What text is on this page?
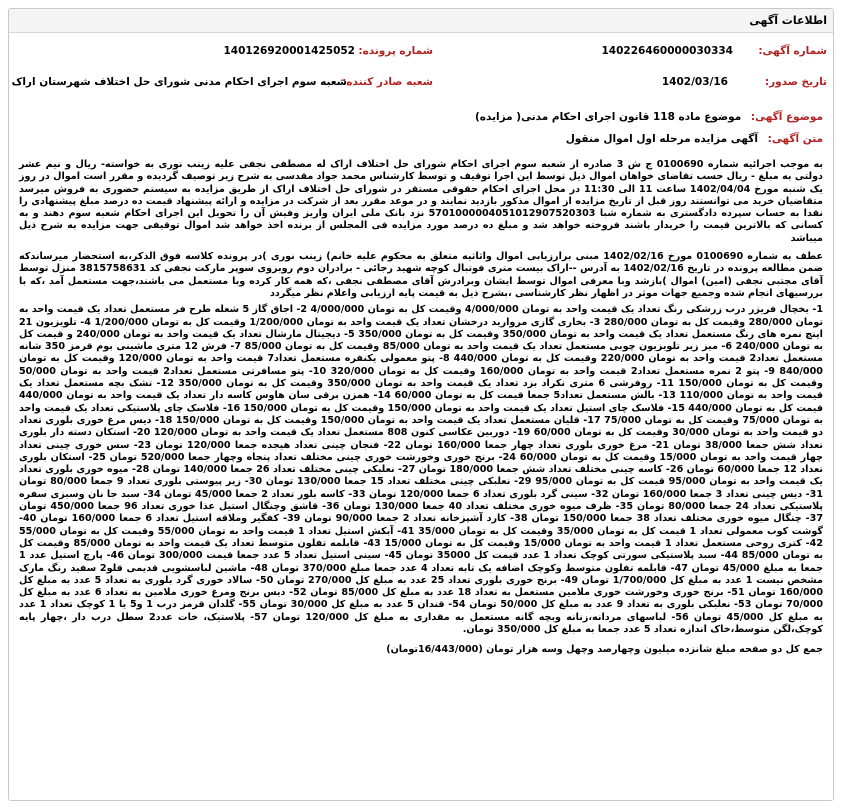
اطلاعات آگهی
شماره آگهی:
140226460000030334
شماره پرونده:
140126920001425052
تاریخ صدور:
1402/03/16
شعبه صادر کننده:
شعبه سوم اجرای احکام مدنی شورای حل اختلاف شهرستان اراک
موضوع آگهی: موضوع ماده 118 قانون اجرای احکام مدنی( مزایده)
متن آگهی: آگهی مزایده مرحله اول اموال منقول

به موجب اجرائیه شماره 0100690 ج ش 3 صادره از شعبه سوم اجرای احکام شورای حل اختلاف اراک له مصطفی نجفی علیه زینب نوری به خواسته- ریال و نیم عشر دولتی به مبلغ - ریال حسب تقاضای خواهان اموال ذیل توسط این اجرا توقیف و توسط کارشناس محمد جواد مقدسی به شرح زیر توصیف گردیده و مقرر است اموال در روز یک شنبه مورخ 1402/04/04 ساعت 11 الی 11:30 در محل اجرای احکام حقوقی مستقر در شورای حل اختلاف اراک از طریق مزایده به سیستم حضوری به فروش میرسد متقاضیان خرید می توانستند روز قبل از تاریخ مزایده از اموال مذکور بازدید نمایند و در موعد مقرر بعد از شرکت در مزایده و ارائه پیشنهاد قیمت ده درصد مبلغ پیشنهادی را نقدا به حساب سپرده دادگستری به شماره شبا 5701000004051012907520303 نزد بانک ملی ایران واریز وفیش آن را تحویل این اجرای احکام شعبه سوم دهند و به کسانی که بالاترین قیمت را خریدار باشند فروخته خواهد شد و مبلغ ده درصد مورد مزایده فی المجلس از برنده اخذ خواهد شد اموال توقیفی جهت مزایده به شرح ذیل میباشد

عطف به شماره 0100690 مورخ 1402/02/16 مبنی برارزیابی اموال واثاثیه متعلق به محکوم علیه خانم) زینب نوری )در پرونده کلاسه فوق الذکر،به استحضار میرساندکه ضمن مطالعه پرونده در تاریخ 1402/02/16 به آدرس --اراک بیست متری فوتبال کوچه شهید رجائی - برادران دوم روبروی سوپر مارکت نجفی کد 3815758631 منزل توسط آقای مجتبی نجفی (امین) اموال )بازشد وبا معرفی اموال توسط ایشان وبرادرش آقای مصطفی نجفی ،که همه کار کرده وبا مستعمل می باشند،جهت مستعمل آمد ،که با بررسیهای انجام شده وجمیع جهات موثر در اظهار نظر کارشناسی ،بشرح ذیل به قیمت پایه ارزیابی واعلام نظر میگردد

1- یخچال فریزر درب زرشکی رنگ تعداد یک قیمت واحد به تومان 4/000/000 وقیمت کل به تومان 4/000/000 2- اجاق گاز 5 شعله طرح فر مستعمل تعداد یک قیمت واحد به تومان 280/000 وقیمت کل به تومان 280/000 3- بخاری گازی مروارید درخشان تعداد یک قیمت واحد به تومان 1/200/000 وقیمت کل به تومان 1/200/000 4- تلویزیون 21 اینچ نمره های رنگ مستعمل تعداد یک قیمت واحد به تومان 350/000 وقیمت کل به تومان 350/000 5- دیجیتال مارشال تعداد یک قیمت واحد به تومان 240/000 و قیمت کل به تومان 240/000 6- میز زیر تلویزیون چوبی مستعمل تعداد یک قیمت واحد به تومان 85/000 وقیمت کل به تومان 85/000 7- فرش 12 متری ماشینی بوم قرمز 350 شانه مستعمل تعداد2 قیمت واحد به تومان 220/000 وقیمت کل به تومان 440/000 8- پتو معمولی یکنفره مستعمل تعداد7 قیمت واحد به تومان 120/000 وقیمت کل به تومان 840/000 9- پتو 2 نمره مستعمل تعداد2 قیمت واحد به تومان 160/000 وقیمت کل به تومان 320/000 10- پتو مسافرتی مستعمل تعداد2 قیمت واحد به تومان 50/000 وقیمت کل به تومان 150/000 11- روفرشی 6 متری نکراد بزد تعداد یک قیمت واحد به تومان 350/000 وقیمت کل به تومان 350/000 12- تشک بچه مستعمل تعداد یک قیمت واحد به تومان 110/000 13- بالش مستعمل تعداد5 جمعا قیمت کل به تومان 60/000 14- همزن برقی سان هاوس کاسه دار تعداد یک قیمت واحد به تومان 440/000 قیمت کل به تومان 440/000 15- فلاسک چای استیل تعداد یک قیمت واحد به تومان 150/000 وقیمت کل به تومان 150/000 16- فلاسک چای پلاستیکی تعداد یک قیمت واحد به تومان 75/000 وقیمت کل به تومان 75/000 17- قلیان مستعمل تعداد یک قیمت واحد به تومان 150/000 وقیمت کل به تومان 150/000 18- دیس مرغ خوری بلوری تعداد دو قیمت واحد به تومان 30/000 وقیمت کل به تومان 60/000 19- دوربین عکاسی کنون 808 مستعمل تعداد یک قیمت واحد به تومان 120/000 20- استکان دسته دار بلوری تعداد شش جمعا 38/000 تومان 21- مرغ خوری بلوری تعداد چهار جمعا 160/000 تومان 22- فنجان چینی تعداد هیجده جمعا 120/000 تومان 23- سس خوری چینی تعداد چهار قیمت واحد به تومان 15/000 وقیمت کل به تومان 60/000 24- برنج خوری وخورشت خوری چینی مختلف تعداد پنجاه وچهار جمعا 520/000 تومان 25- استکان بلوری تعداد 12 جمعا 60/000 تومان 26- کاسه چینی مختلف تعداد شش جمعا 180/000 تومان 27- نعلبکی چینی مختلف تعداد 26 جمعا 140/000 تومان 28- میوه خوری بلوری تعداد یک قیمت واحد به تومان 95/000 قیمت کل به تومان 95/000 29- نعلبکی چینی مختلف تعداد 15 جمعا 130/000 تومان 30- زیر پیوستی بلوری تعداد 9 جمعا 80/000 تومان 31- دیس چینی تعداد 3 جمعا 160/000 تومان 32- سینی گرد بلوری تعداد 6 جمعا 120/000 تومان 33- کاسه بلور تعداد 2 جمعا 45/000 تومان 34- سبد جا نان وسبزی سفره پلاستیکی تعداد 24 جمعا 80/000 تومان 35- ظرف میوه خوری مختلف تعداد 40 جمعا 130/000 تومان 36- قاشق وچنگال استیل عذا خوری تعداد 96 جمعا 450/000 تومان 37- چنگال میوه خوری مختلف تعداد 38 جمعا 150/000 تومان 38- کارد آشپزخانه تعداد 2 جمعا 90/000 تومان 39- کفگیر وملاقه استیل تعداد 6 جمعا 160/000 تومان 40- گوشت کوب معمولی تعداد 1 قیمت کل به تومان 35/000 وقیمت کل به تومان 35/000 41- آبکش استیل تعداد 1 قیمت واحد به تومان 55/000 وقیمت کل به تومان 55/000 42- کتری روحی مستعمل تعداد 1 قیمت واحد به تومان 15/000 وقیمت کل به تومان 15/000 43- قابلمه تفلون متوسط تعداد یک قیمت واحد به تومان 85/000 وقیمت کل به تومان 85/000 44- سبد پلاستیکی سورتی کوچک تعداد 1 عدد قیمت کل 35000 تومان 45- سینی استیل تعداد 5 عدد جمعا قیمت 300/000 تومان 46- پارچ استیل عدد 1 جمعا به مبلغ 45/000 تومان 47- قابلمه تفلون متوسط وکوچک اضافه یک تابه تعداد 4 عدد جمعا مبلغ 370/000 تومان 48- ماشین لباسشویی قدیمی قلو2 سفید رنگ مارک مشخص نیست 1 عدد به مبلغ کل 1/700/000 تومان 49- برنج خوری بلوری تعداد 25 عدد به مبلغ کل 270/000 تومان 50- سالاد خوری گرد بلوری به تعداد 5 عدد به مبلغ کل 160/000 تومان 51- برنج خوری وخورشت خوری ملامین مستعمل به تعداد 18 عدد به مبلغ کل 85/000 تومان 52- دیس برنج ومرغ خوری ملامین به تعداد 6 عدد به مبلغ کل 70/000 تومان 53- نعلبکی بلوری به تعداد 9 عدد به مبلغ کل 50/000 تومان 54- قندان 5 عدد به مبلغ کل 30/000 تومان 55- گلدان قرمز درب 1 و5 یا 1 کوچک تعداد 1 عدد به مبلغ کل 45/000 تومان 56- لباسهای مردانه،زنانه وبچه گانه مستعمل به مقداری به مبلغ کل 120/000 تومان 57- پلاستیک، خات عدد2 سطل درب دار ،چهار پایه کوچک،لگن متوسط،خاک اندازه تعداد 5 عدد جمعا به مبلغ کل 350/000 تومان.

جمع کل دو صفحه مبلغ شانزده میلیون وچهارصد وچهل وسه هزار تومان (16/443/000تومان)
